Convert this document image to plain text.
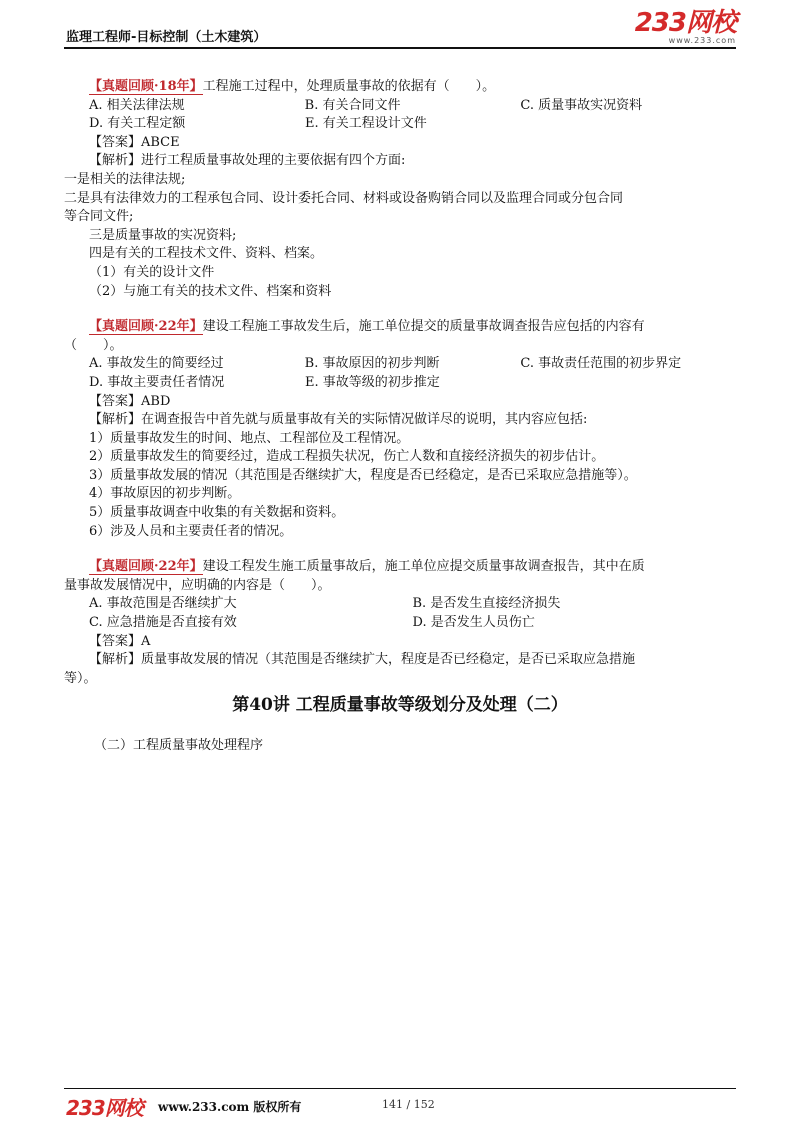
监理工程师-目标控制（土木建筑）	233网校
www.233.com
【真题回顾·18年】工程施工过程中，处理质量事故的依据有（　　）。
A. 相关法律法规	B. 有关合同文件	C. 质量事故实况资料
D. 有关工程定额	E. 有关工程设计文件
【答案】ABCE
【解析】进行工程质量事故处理的主要依据有四个方面:
一是相关的法律法规;
二是具有法律效力的工程承包合同、设计委托合同、材料或设备购销合同以及监理合同或分包合同
等合同文件;
三是质量事故的实况资料;
四是有关的工程技术文件、资料、档案。
（1）有关的设计文件
（2）与施工有关的技术文件、档案和资料
【真题回顾·22年】建设工程施工事故发生后，施工单位提交的质量事故调查报告应包括的内容有
（　　）。
A. 事故发生的简要经过	B. 事故原因的初步判断	C. 事故责任范围的初步界定
D. 事故主要责任者情况	E. 事故等级的初步推定
【答案】ABD
【解析】在调查报告中首先就与质量事故有关的实际情况做详尽的说明，其内容应包括:
1）质量事故发生的时间、地点、工程部位及工程情况。
2）质量事故发生的简要经过，造成工程损失状况，伤亡人数和直接经济损失的初步估计。
3）质量事故发展的情况（其范围是否继续扩大，程度是否已经稳定，是否已采取应急措施等）。
4）事故原因的初步判断。
5）质量事故调查中收集的有关数据和资料。
6）涉及人员和主要责任者的情况。
【真题回顾·22年】建设工程发生施工质量事故后，施工单位应提交质量事故调查报告，其中在质
量事故发展情况中，应明确的内容是（　　）。
A. 事故范围是否继续扩大	B. 是否发生直接经济损失
C. 应急措施是否直接有效	D. 是否发生人员伤亡
【答案】A
【解析】质量事故发展的情况（其范围是否继续扩大，程度是否已经稳定，是否已采取应急措施
等）。
第40讲 工程质量事故等级划分及处理（二）
（二）工程质量事故处理程序
233网校 www.233.com 版权所有	141 / 152
